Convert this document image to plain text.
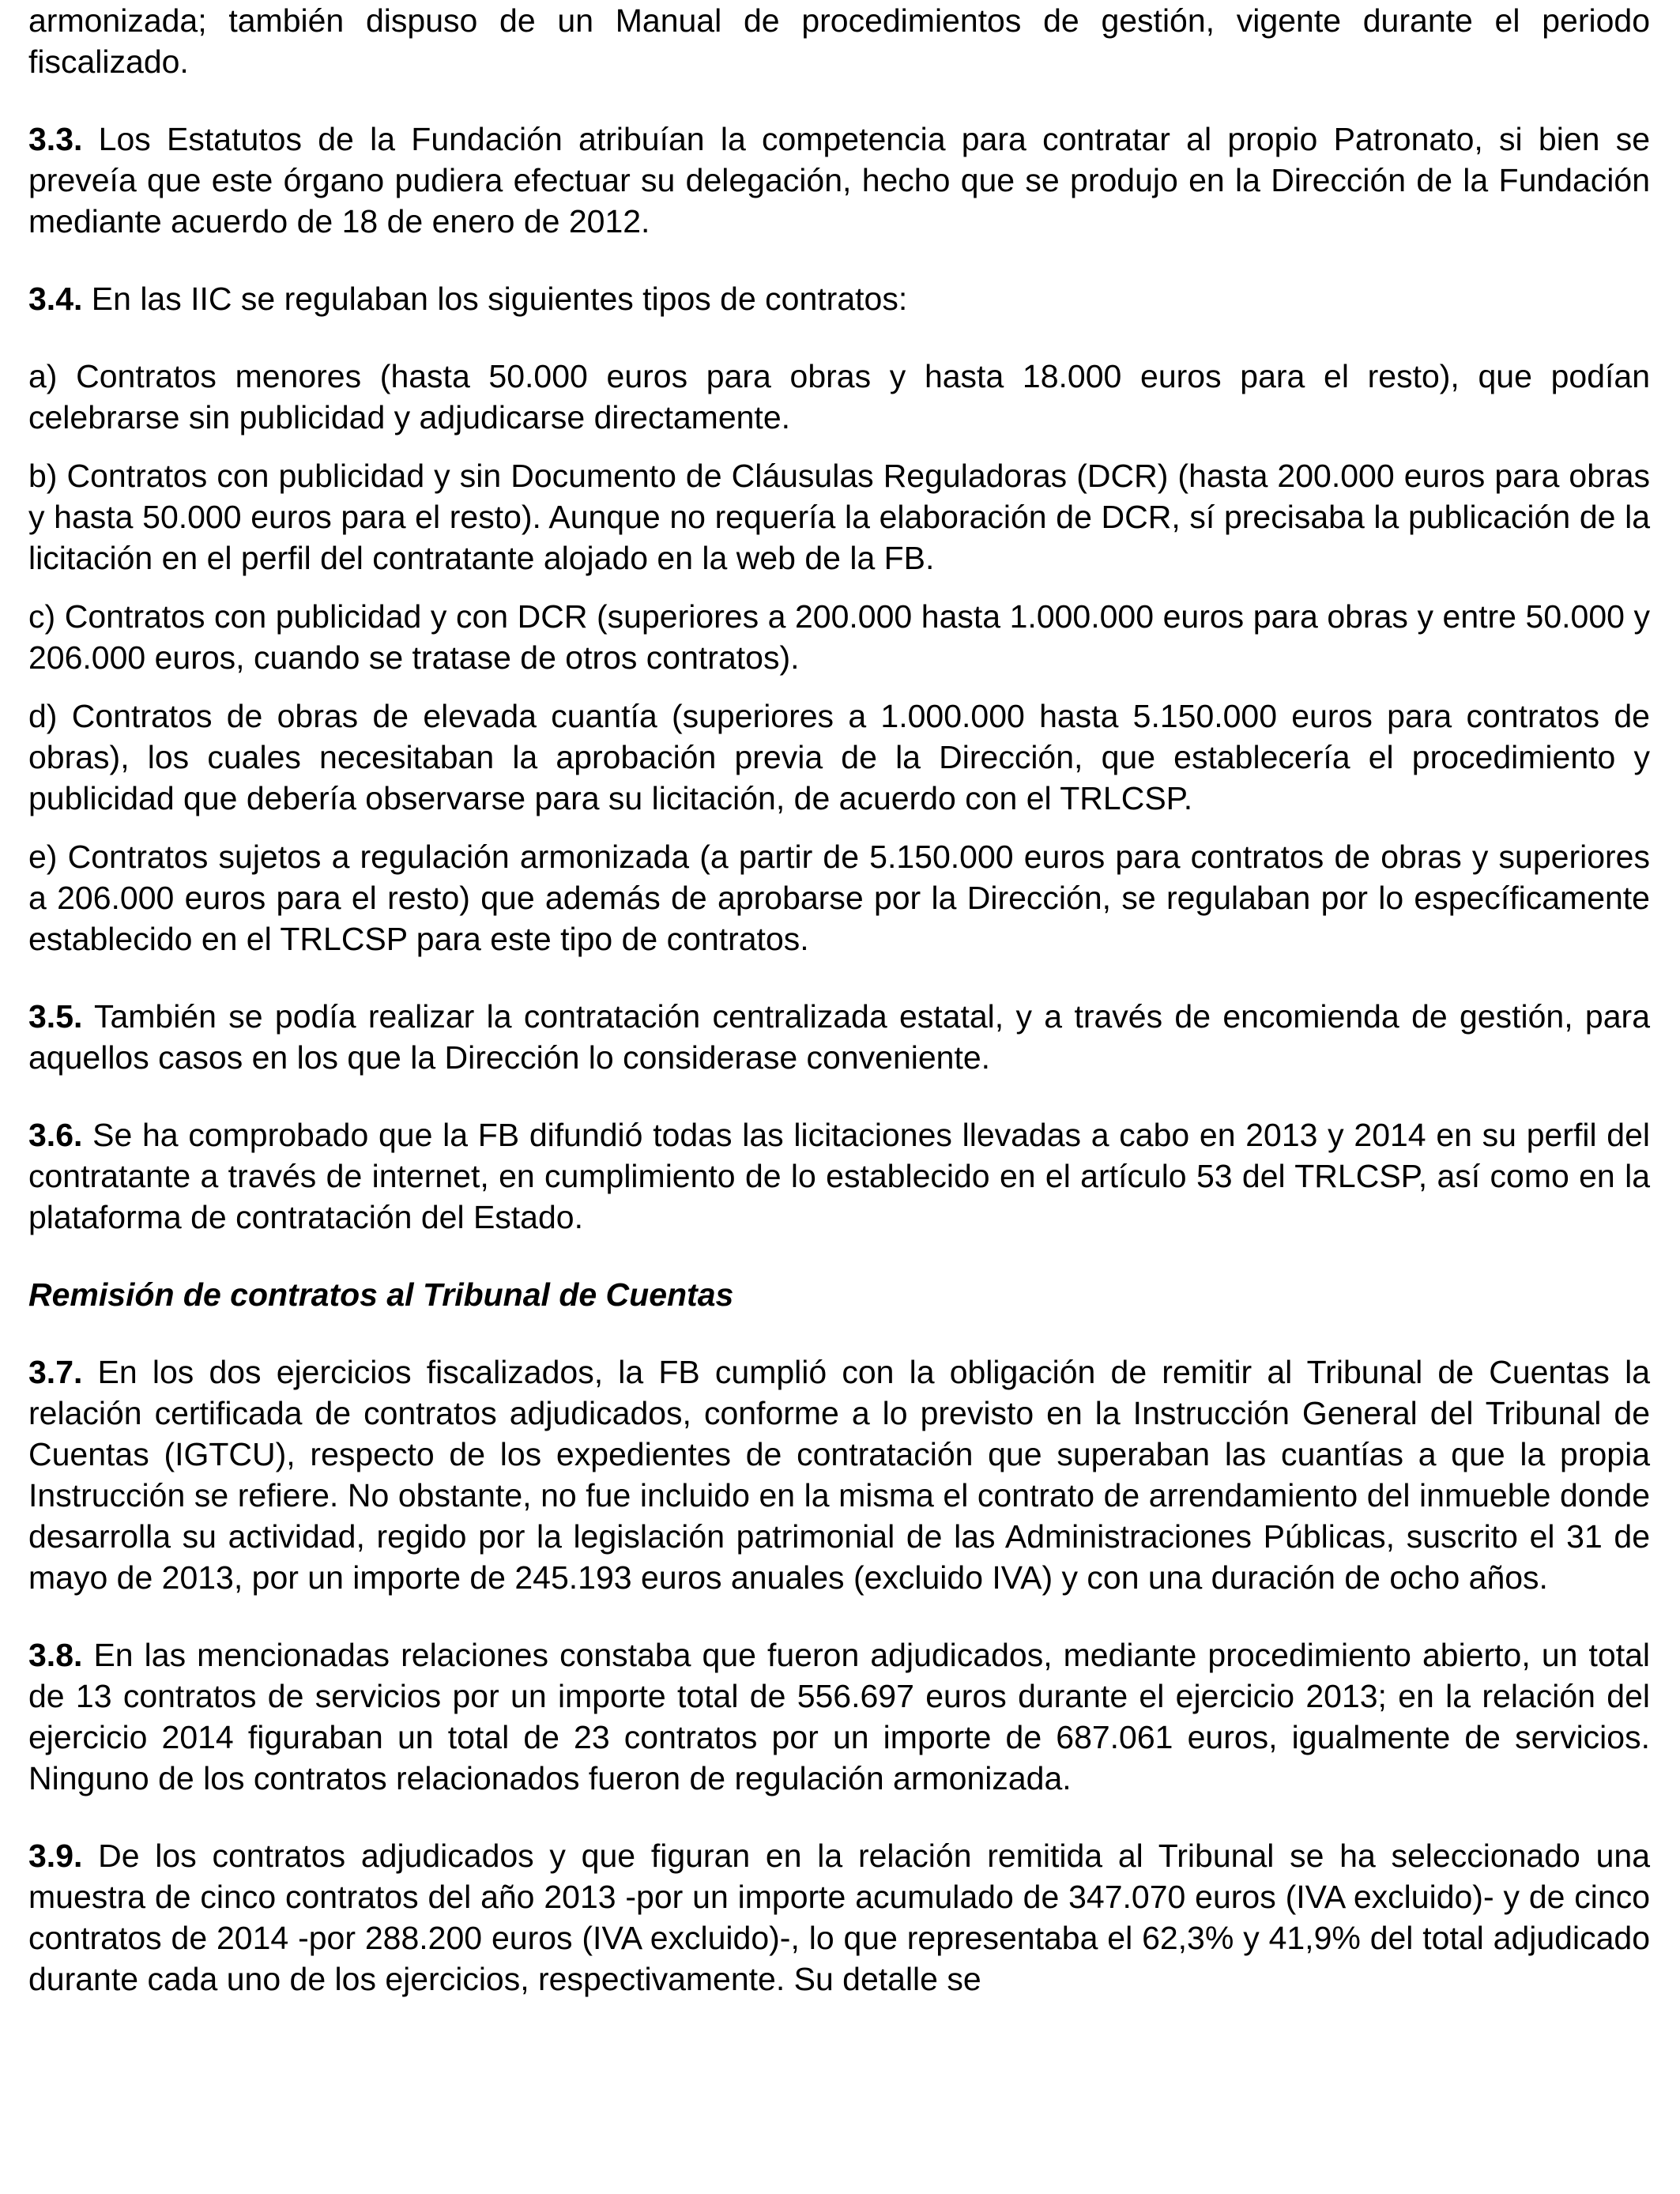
armonizada; también dispuso de un Manual de procedimientos de gestión, vigente durante el periodo fiscalizado.

3.3. Los Estatutos de la Fundación atribuían la competencia para contratar al propio Patronato, si bien se preveía que este órgano pudiera efectuar su delegación, hecho que se produjo en la Dirección de la Fundación mediante acuerdo de 18 de enero de 2012.

3.4. En las IIC se regulaban los siguientes tipos de contratos:

a) Contratos menores (hasta 50.000 euros para obras y hasta 18.000 euros para el resto), que podían celebrarse sin publicidad y adjudicarse directamente.

b) Contratos con publicidad y sin Documento de Cláusulas Reguladoras (DCR) (hasta 200.000 euros para obras y hasta 50.000 euros para el resto). Aunque no requería la elaboración de DCR, sí precisaba la publicación de la licitación en el perfil del contratante alojado en la web de la FB.

c) Contratos con publicidad y con DCR (superiores a 200.000 hasta 1.000.000 euros para obras y entre 50.000 y 206.000 euros, cuando se tratase de otros contratos).

d) Contratos de obras de elevada cuantía (superiores a 1.000.000 hasta 5.150.000 euros para contratos de obras), los cuales necesitaban la aprobación previa de la Dirección, que establecería el procedimiento y publicidad que debería observarse para su licitación, de acuerdo con el TRLCSP.

e) Contratos sujetos a regulación armonizada (a partir de 5.150.000 euros para contratos de obras y superiores a 206.000 euros para el resto) que además de aprobarse por la Dirección, se regulaban por lo específicamente establecido en el TRLCSP para este tipo de contratos.

3.5. También se podía realizar la contratación centralizada estatal, y a través de encomienda de gestión, para aquellos casos en los que la Dirección lo considerase conveniente.

3.6. Se ha comprobado que la FB difundió todas las licitaciones llevadas a cabo en 2013 y 2014 en su perfil del contratante a través de internet, en cumplimiento de lo establecido en el artículo 53 del TRLCSP, así como en la plataforma de contratación del Estado.

Remisión de contratos al Tribunal de Cuentas

3.7. En los dos ejercicios fiscalizados, la FB cumplió con la obligación de remitir al Tribunal de Cuentas la relación certificada de contratos adjudicados, conforme a lo previsto en la Instrucción General del Tribunal de Cuentas (IGTCU), respecto de los expedientes de contratación que superaban las cuantías a que la propia Instrucción se refiere. No obstante, no fue incluido en la misma el contrato de arrendamiento del inmueble donde desarrolla su actividad, regido por la legislación patrimonial de las Administraciones Públicas, suscrito el 31 de mayo de 2013, por un importe de 245.193 euros anuales (excluido IVA) y con una duración de ocho años.

3.8. En las mencionadas relaciones constaba que fueron adjudicados, mediante procedimiento abierto, un total de 13 contratos de servicios por un importe total de 556.697 euros durante el ejercicio 2013; en la relación del ejercicio 2014 figuraban un total de 23 contratos por un importe de 687.061 euros, igualmente de servicios. Ninguno de los contratos relacionados fueron de regulación armonizada.

3.9. De los contratos adjudicados y que figuran en la relación remitida al Tribunal se ha seleccionado una muestra de cinco contratos del año 2013 -por un importe acumulado de 347.070 euros (IVA excluido)- y de cinco contratos de 2014 -por 288.200 euros (IVA excluido)-, lo que representaba el 62,3% y 41,9% del total adjudicado durante cada uno de los ejercicios, respectivamente. Su detalle se
